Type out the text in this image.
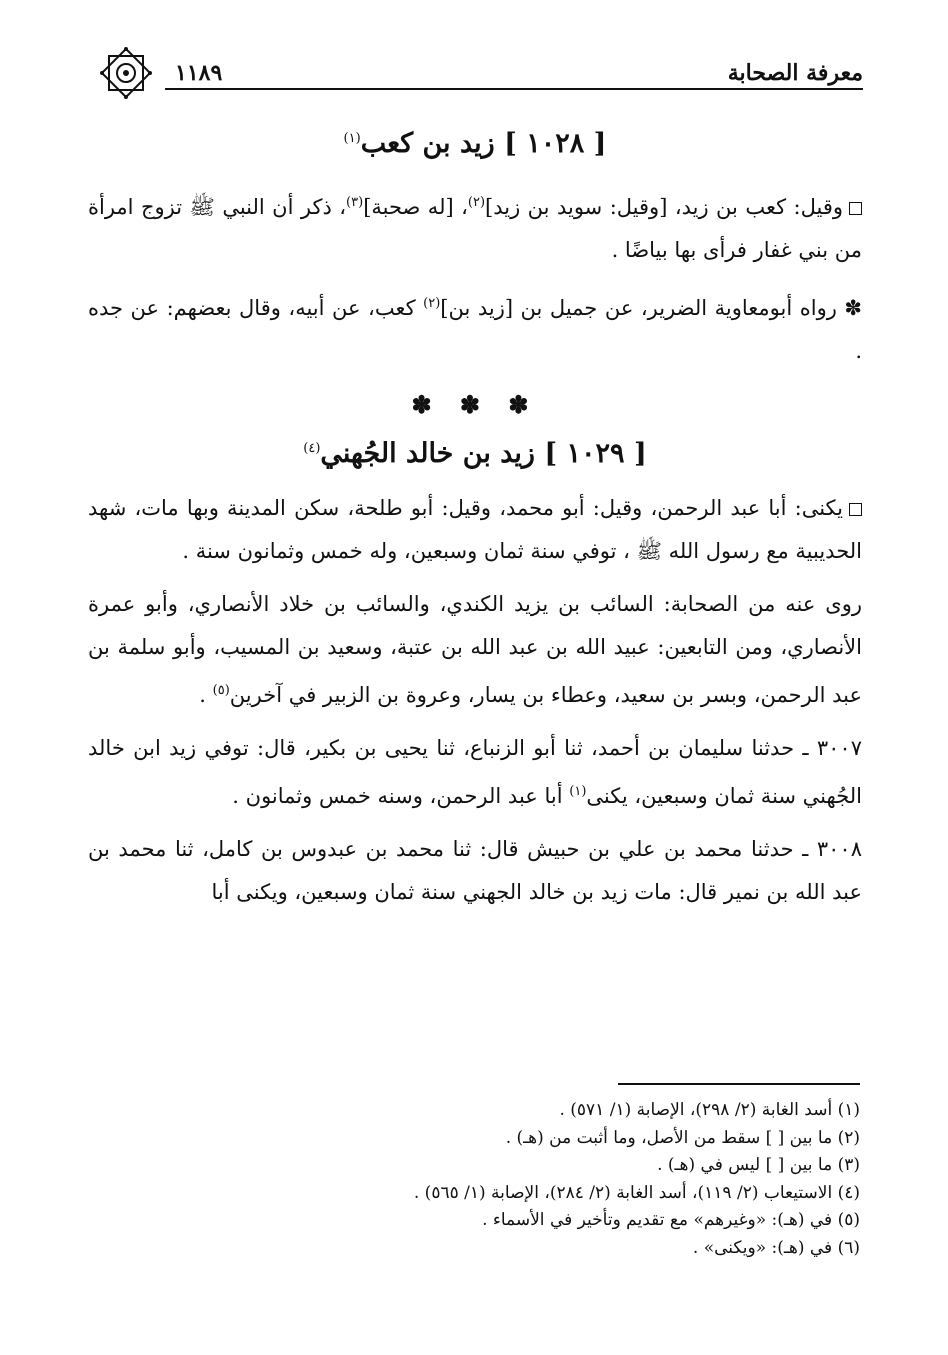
معرفة الصحابة
١١٨٩
[ ١٠٢٨ ] زيد بن كعب$^{(١)}$

وقيل: كعب بن زيد، [وقيل: سويد بن زيد]$^{(٢)}$، [له صحبة]$^{(٣)}$، ذكر أن النبي ﷺ تزوج امرأة من بني غفار فرأى بها بياضًا .

✽ رواه أبومعاوية الضرير، عن جميل بن [زيد بن]$^{(٢)}$ كعب، عن أبيه، وقال بعضهم: عن جده .

✽ ✽ ✽

[ ١٠٢٩ ] زيد بن خالد الجُهني$^{(٤)}$

يكنى: أبا عبد الرحمن، وقيل: أبو محمد، وقيل: أبو طلحة، سكن المدينة وبها مات، شهد الحديبية مع رسول الله ﷺ ، توفي سنة ثمان وسبعين، وله خمس وثمانون سنة .

روى عنه من الصحابة: السائب بن يزيد الكندي، والسائب بن خلاد الأنصاري، وأبو عمرة الأنصاري، ومن التابعين: عبيد الله بن عبد الله بن عتبة، وسعيد بن المسيب، وأبو سلمة بن عبد الرحمن، وبسر بن سعيد، وعطاء بن يسار، وعروة بن الزبير في آخرين$^{(٥)}$ .

٣٠٠٧ ـ حدثنا سليمان بن أحمد، ثنا أبو الزنباع، ثنا يحيى بن بكير، قال: توفي زيد ابن خالد الجُهني سنة ثمان وسبعين، يكنى$^{(١)}$ أبا عبد الرحمن، وسنه خمس وثمانون .

٣٠٠٨ ـ حدثنا محمد بن علي بن حبيش قال: ثنا محمد بن عبدوس بن كامل، ثنا محمد بن عبد الله بن نمير قال: مات زيد بن خالد الجهني سنة ثمان وسبعين، ويكنى أبا

(١) أسد الغابة (٢/ ٢٩٨)، الإصابة (١/ ٥٧١) .
(٢) ما بين [ ] سقط من الأصل، وما أثبت من (هـ) .
(٣) ما بين [ ] ليس في (هـ) .
(٤) الاستيعاب (٢/ ١١٩)، أسد الغابة (٢/ ٢٨٤)، الإصابة (١/ ٥٦٥) .
(٥) في (هـ): «وغيرهم» مع تقديم وتأخير في الأسماء .
(٦) في (هـ): «ويكنى» .
